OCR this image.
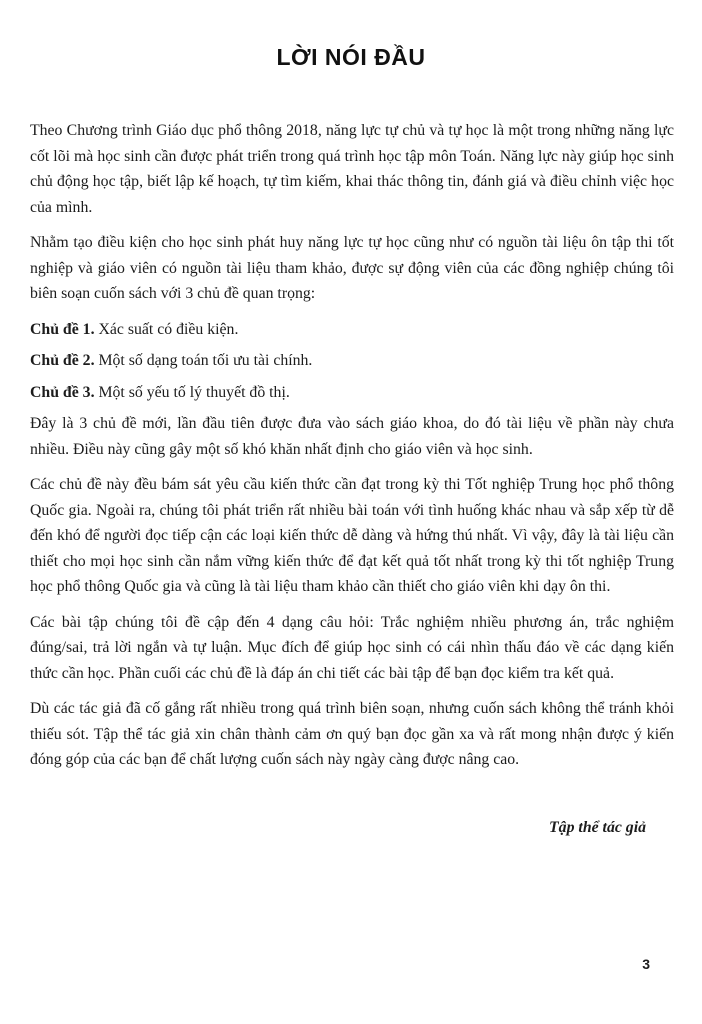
LỜI NÓI ĐẦU

Theo Chương trình Giáo dục phổ thông 2018, năng lực tự chủ và tự học là một trong những năng lực cốt lõi mà học sinh cần được phát triển trong quá trình học tập môn Toán. Năng lực này giúp học sinh chủ động học tập, biết lập kế hoạch, tự tìm kiếm, khai thác thông tin, đánh giá và điều chỉnh việc học của mình.

Nhằm tạo điều kiện cho học sinh phát huy năng lực tự học cũng như có nguồn tài liệu ôn tập thi tốt nghiệp và giáo viên có nguồn tài liệu tham khảo, được sự động viên của các đồng nghiệp chúng tôi biên soạn cuốn sách với 3 chủ đề quan trọng:

Chủ đề 1. Xác suất có điều kiện.

Chủ đề 2. Một số dạng toán tối ưu tài chính.

Chủ đề 3. Một số yếu tố lý thuyết đồ thị.

Đây là 3 chủ đề mới, lần đầu tiên được đưa vào sách giáo khoa, do đó tài liệu về phần này chưa nhiều. Điều này cũng gây một số khó khăn nhất định cho giáo viên và học sinh.

Các chủ đề này đều bám sát yêu cầu kiến thức cần đạt trong kỳ thi Tốt nghiệp Trung học phổ thông Quốc gia. Ngoài ra, chúng tôi phát triển rất nhiều bài toán với tình huống khác nhau và sắp xếp từ dễ đến khó để người đọc tiếp cận các loại kiến thức dễ dàng và hứng thú nhất. Vì vậy, đây là tài liệu cần thiết cho mọi học sinh cần nắm vững kiến thức để đạt kết quả tốt nhất trong kỳ thi tốt nghiệp Trung học phổ thông Quốc gia và cũng là tài liệu tham khảo cần thiết cho giáo viên khi dạy ôn thi.

Các bài tập chúng tôi đề cập đến 4 dạng câu hỏi: Trắc nghiệm nhiều phương án, trắc nghiệm đúng/sai, trả lời ngắn và tự luận. Mục đích để giúp học sinh có cái nhìn thấu đáo về các dạng kiến thức cần học. Phần cuối các chủ đề là đáp án chi tiết các bài tập để bạn đọc kiểm tra kết quả.

Dù các tác giả đã cố gắng rất nhiều trong quá trình biên soạn, nhưng cuốn sách không thể tránh khỏi thiếu sót. Tập thể tác giả xin chân thành cảm ơn quý bạn đọc gần xa và rất mong nhận được ý kiến đóng góp của các bạn để chất lượng cuốn sách này ngày càng được nâng cao.

Tập thể tác giả
3
